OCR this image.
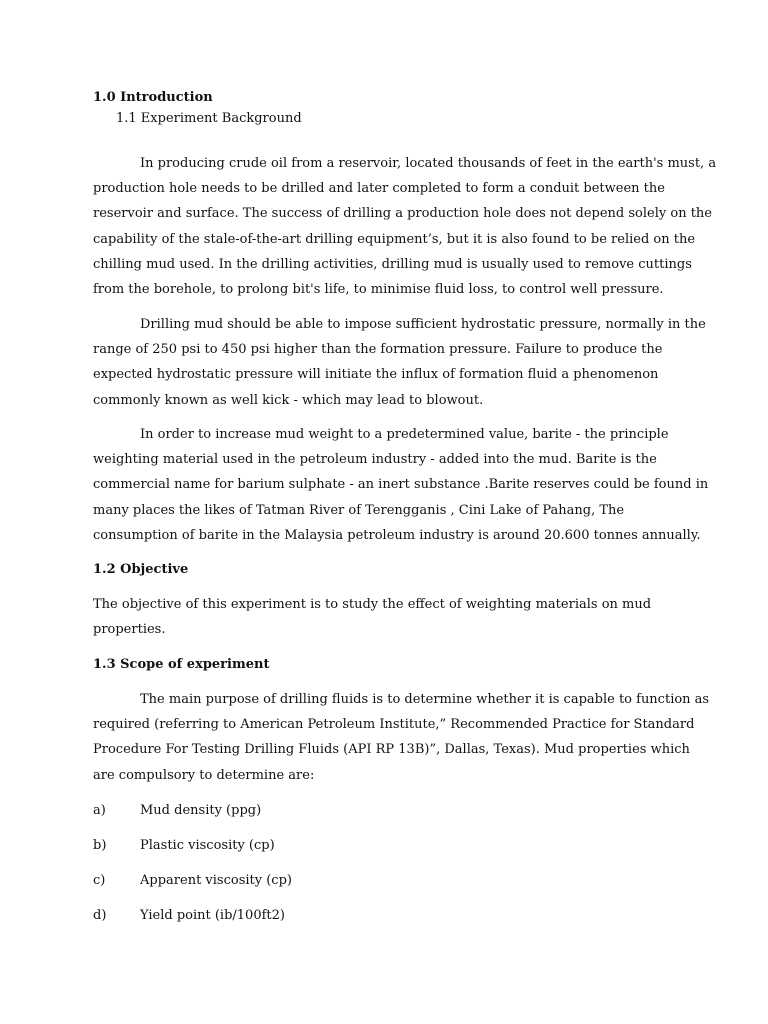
1.0 Introduction
1.1 Experiment Background
In producing crude oil from a reservoir, located thousands of feet in the earth's must, a
production hole needs to be drilled and later completed to form a conduit between the
reservoir and surface. The success of drilling a production hole does not depend solely on the
capability of the stale-of-the-art drilling equipment’s, but it is also found to be relied on the
chilling mud used. In the drilling activities, drilling mud is usually used to remove cuttings
from the borehole, to prolong bit's life, to minimise fluid loss, to control well pressure.
Drilling mud should be able to impose sufficient hydrostatic pressure, normally in the
range of 250 psi to 450 psi higher than the formation pressure. Failure to produce the
expected hydrostatic pressure will initiate the influx of formation fluid a phenomenon
commonly known as well kick - which may lead to blowout.
In order to increase mud weight to a predetermined value, barite - the principle
weighting material used in the petroleum industry - added into the mud. Barite is the
commercial name for barium sulphate - an inert substance .Barite reserves could be found in
many places the likes of Tatman River of Terengganis , Cini Lake of Pahang, The
consumption of barite in the Malaysia petroleum industry is around 20.600 tonnes annually.
1.2 Objective
The objective of this experiment is to study the effect of weighting materials on mud
properties.
1.3 Scope of experiment
The main purpose of drilling fluids is to determine whether it is capable to function as
required (referring to American Petroleum Institute,” Recommended Practice for Standard
Procedure For Testing Drilling Fluids (API RP 13B)”, Dallas, Texas). Mud properties which
are compulsory to determine are:
a)	Mud density (ppg)
b)	Plastic viscosity (cp)
c)	Apparent viscosity (cp)
d)	Yield point (ib/100ft2)
